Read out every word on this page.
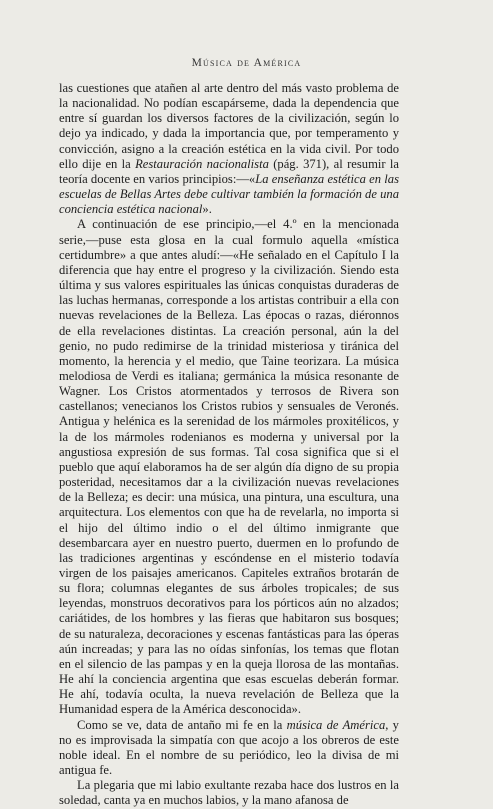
Música de América

las cuestiones que atañen al arte dentro del más vasto problema de la nacionalidad. No podían escapárseme, dada la dependencia que entre sí guardan los diversos factores de la civilización, según lo dejo ya indicado, y dada la importancia que, por temperamento y convicción, asigno a la creación estética en la vida civil. Por todo ello dije en la Restauración nacionalista (pág. 371), al resumir la teoría docente en varios principios:—«La enseñanza estética en las escuelas de Bellas Artes debe cultivar también la formación de una conciencia estética nacional».

A continuación de ese principio,—el 4.º en la mencionada serie,—puse esta glosa en la cual formulo aquella «mística certidumbre» a que antes aludí:—«He señalado en el Capítulo I la diferencia que hay entre el progreso y la civilización. Siendo esta última y sus valores espirituales las únicas conquistas duraderas de las luchas hermanas, corresponde a los artistas contribuir a ella con nuevas revelaciones de la Belleza. Las épocas o razas, diéronnos de ella revelaciones distintas. La creación personal, aún la del genio, no pudo redimirse de la trinidad misteriosa y tiránica del momento, la herencia y el medio, que Taine teorizara. La música melodiosa de Verdi es italiana; germánica la música resonante de Wagner. Los Cristos atormentados y terrosos de Rivera son castellanos; venecianos los Cristos rubios y sensuales de Veronés. Antigua y helénica es la serenidad de los mármoles proxitélicos, y la de los mármoles rodenianos es moderna y universal por la angustiosa expresión de sus formas. Tal cosa significa que si el pueblo que aquí elaboramos ha de ser algún día digno de su propia posteridad, necesitamos dar a la civilización nuevas revelaciones de la Belleza; es decir: una música, una pintura, una escultura, una arquitectura. Los elementos con que ha de revelarla, no importa si el hijo del último indio o el del último inmigrante que desembarcara ayer en nuestro puerto, duermen en lo profundo de las tradiciones argentinas y escóndense en el misterio todavía virgen de los paisajes americanos. Capiteles extraños brotarán de su flora; columnas elegantes de sus árboles tropicales; de sus leyendas, monstruos decorativos para los pórticos aún no alzados; cariátides, de los hombres y las fieras que habitaron sus bosques; de su naturaleza, decoraciones y escenas fantásticas para las óperas aún increadas; y para las no oídas sinfonías, los temas que flotan en el silencio de las pampas y en la queja llorosa de las montañas. He ahí la conciencia argentina que esas escuelas deberán formar. He ahí, todavía oculta, la nueva revelación de Belleza que la Humanidad espera de la América desconocida».

Como se ve, data de antaño mi fe en la música de América, y no es improvisada la simpatía con que acojo a los obreros de este noble ideal. En el nombre de su periódico, leo la divisa de mi antigua fe.

La plegaria que mi labio exultante rezaba hace dos lustros en la soledad, canta ya en muchos labios, y la mano afanosa de
